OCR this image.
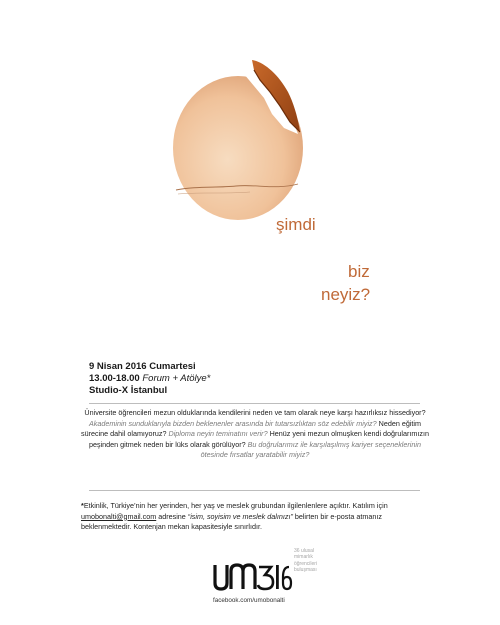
şimdi
biz
neyiz?
9 Nisan 2016 Cumartesi
13.00-18.00 Forum + Atölye*
Studio-X İstanbul
Üniversite öğrencileri mezun olduklarında kendilerini neden ve tam olarak neye karşı hazırlıksız hissediyor? Akademinin sunduklarıyla bizden beklenenler arasında bir tutarsızlıktan söz edebilir miyiz? Neden eğitim sürecine dahil olamıyoruz? Diploma neyin teminatını verir? Henüz yeni mezun olmuşken kendi doğrularımızın peşinden gitmek neden bir lüks olarak görülüyor? Bu doğrularımız ile karşılaşılmış kariyer seçeneklerinin ötesinde fırsatlar yaratabilir miyiz?
*Etkinlik, Türkiye’nin her yerinden, her yaş ve meslek grubundan ilgilenlenlere açıktır. Katılım için umobonalti@gmail.com adresine “isim, soyisim ve meslek dalınızı” belirten bir e-posta atmanız beklenmektedir. Kontenjan mekan kapasitesiyle sınırlıdır.
36 ulusal
mimarlık
öğrencileri
buluşması
facebook.com/umobonalti
